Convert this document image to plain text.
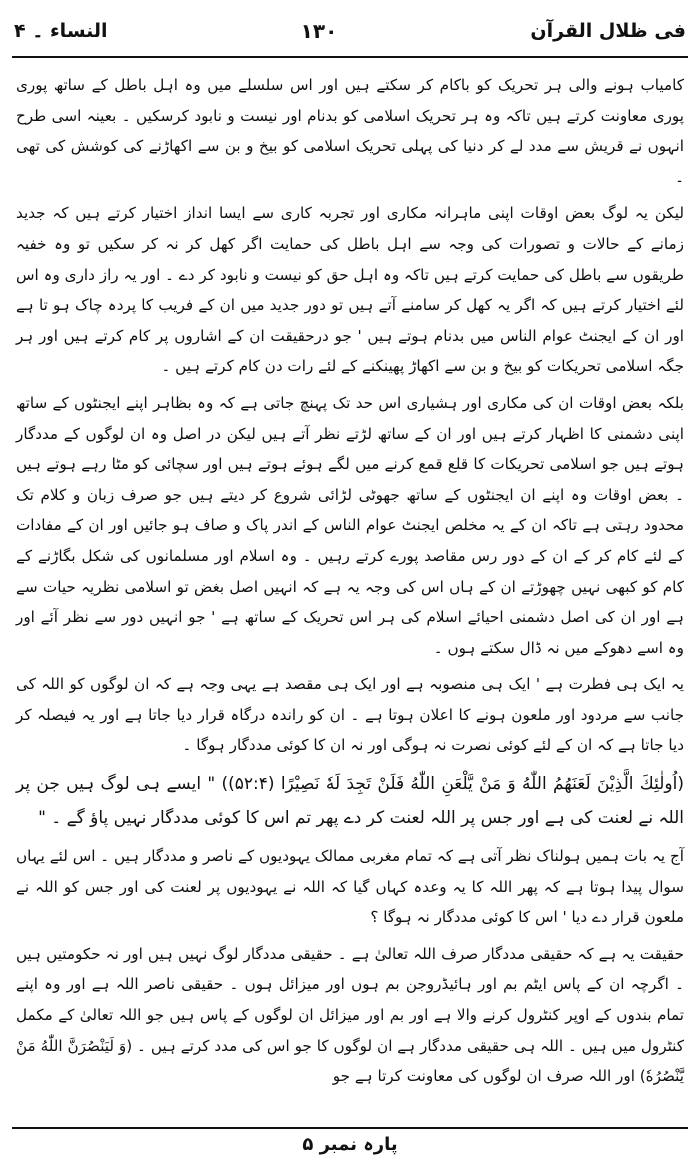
النساء ۔ ۴	۱۳۰	فی ظلال القرآن

کامیاب ہونے والی ہر تحریک کو باکام کر سکتے ہیں اور اس سلسلے میں وہ اہل باطل کے ساتھ پوری پوری معاونت کرتے ہیں تاکہ وہ ہر تحریک اسلامی کو بدنام اور نیست و نابود کرسکیں ۔ بعینہ اسی طرح انہوں نے قریش سے مدد لے کر دنیا کی پہلی تحریک اسلامی کو بیخ و بن سے اکھاڑنے کی کوشش کی تھی ۔

لیکن یہ لوگ بعض اوقات اپنی ماہرانہ مکاری اور تجربہ کاری سے ایسا انداز اختیار کرتے ہیں کہ جدید زمانے کے حالات و تصورات کی وجہ سے اہل باطل کی حمایت اگر کھل کر نہ کر سکیں تو وہ خفیہ طریقوں سے باطل کی حمایت کرتے ہیں تاکہ وہ اہل حق کو نیست و نابود کر دے ۔ اور یہ راز داری وہ اس لئے اختیار کرتے ہیں کہ اگر یہ کھل کر سامنے آتے ہیں تو دور جدید میں ان کے فریب کا پردہ چاک ہو تا ہے اور ان کے ایجنٹ عوام الناس میں بدنام ہوتے ہیں ' جو درحقیقت ان کے اشاروں پر کام کرتے ہیں اور ہر جگہ اسلامی تحریکات کو بیخ و بن سے اکھاڑ پھینکنے کے لئے رات دن کام کرتے ہیں ۔

بلکہ بعض اوقات ان کی مکاری اور ہشیاری اس حد تک پہنچ جاتی ہے کہ وہ بظاہر اپنے ایجنٹوں کے ساتھ اپنی دشمنی کا اظہار کرتے ہیں اور ان کے ساتھ لڑتے نظر آتے ہیں لیکن در اصل وہ ان لوگوں کے مددگار ہوتے ہیں جو اسلامی تحریکات کا قلع قمع کرنے میں لگے ہوئے ہوتے ہیں اور سچائی کو مٹا رہے ہوتے ہیں ۔ بعض اوقات وہ اپنے ان ایجنٹوں کے ساتھ جھوٹی لڑائی شروع کر دیتے ہیں جو صرف زبان و کلام تک محدود رہتی ہے تاکہ ان کے یہ مخلص ایجنٹ عوام الناس کے اندر پاک و صاف ہو جائیں اور ان کے مفادات کے لئے کام کر کے ان کے دور رس مقاصد پورے کرتے رہیں ۔ وہ اسلام اور مسلمانوں کی شکل بگاڑنے کے کام کو کبھی نہیں چھوڑتے ان کے ہاں اس کی وجہ یہ ہے کہ انہیں اصل بغض تو اسلامی نظریہ حیات سے ہے اور ان کی اصل دشمنی احیائے اسلام کی ہر اس تحریک کے ساتھ ہے ' جو انہیں دور سے نظر آئے اور وہ اسے دھوکے میں نہ ڈال سکتے ہوں ۔

یہ ایک ہی فطرت ہے ' ایک ہی منصوبہ ہے اور ایک ہی مقصد ہے یہی وجہ ہے کہ ان لوگوں کو اللہ کی جانب سے مردود اور ملعون ہونے کا اعلان ہوتا ہے ۔ ان کو راندہ درگاہ قرار دیا جاتا ہے اور یہ فیصلہ کر دیا جاتا ہے کہ ان کے لئے کوئی نصرت نہ ہوگی اور نہ ان کا کوئی مددگار ہوگا ۔

(اُولٰئِكَ الَّذِيْنَ لَعَنَهُمُ اللّٰهُ وَ مَنْ يَّلْعَنِ اللّٰهُ فَلَنْ تَجِدَ لَهٗ نَصِيْرًا (۵۲:۴)) " ایسے ہی لوگ ہیں جن پر اللہ نے لعنت کی ہے اور جس پر اللہ لعنت کر دے پھر تم اس کا کوئی مددگار نہیں پاؤ گے ۔ "

آج یہ بات ہمیں ہولناک نظر آتی ہے کہ تمام مغربی ممالک یہودیوں کے ناصر و مددگار ہیں ۔ اس لئے یہاں سوال پیدا ہوتا ہے کہ پھر اللہ کا یہ وعدہ کہاں گیا کہ اللہ نے یہودیوں پر لعنت کی اور جس کو اللہ نے ملعون قرار دے دیا ' اس کا کوئی مددگار نہ ہوگا ؟

حقیقت یہ ہے کہ حقیقی مددگار صرف اللہ تعالیٰ ہے ۔ حقیقی مددگار لوگ نہیں ہیں اور نہ حکومتیں ہیں ۔ اگرچہ ان کے پاس ایٹم بم اور ہائیڈروجن بم ہوں اور میزائل ہوں ۔ حقیقی ناصر اللہ ہے اور وہ اپنے تمام بندوں کے اوپر کنٹرول کرنے والا ہے اور بم اور میزائل ان لوگوں کے پاس ہیں جو اللہ تعالیٰ کے مکمل کنٹرول میں ہیں ۔ اللہ ہی حقیقی مددگار ہے ان لوگوں کا جو اس کی مدد کرتے ہیں ۔ (وَ لَيَنْصُرَنَّ اللّٰهُ مَنْ يَّنْصُرُهٗ) اور اللہ صرف ان لوگوں کی معاونت کرتا ہے جو

پارہ نمبر ۵
